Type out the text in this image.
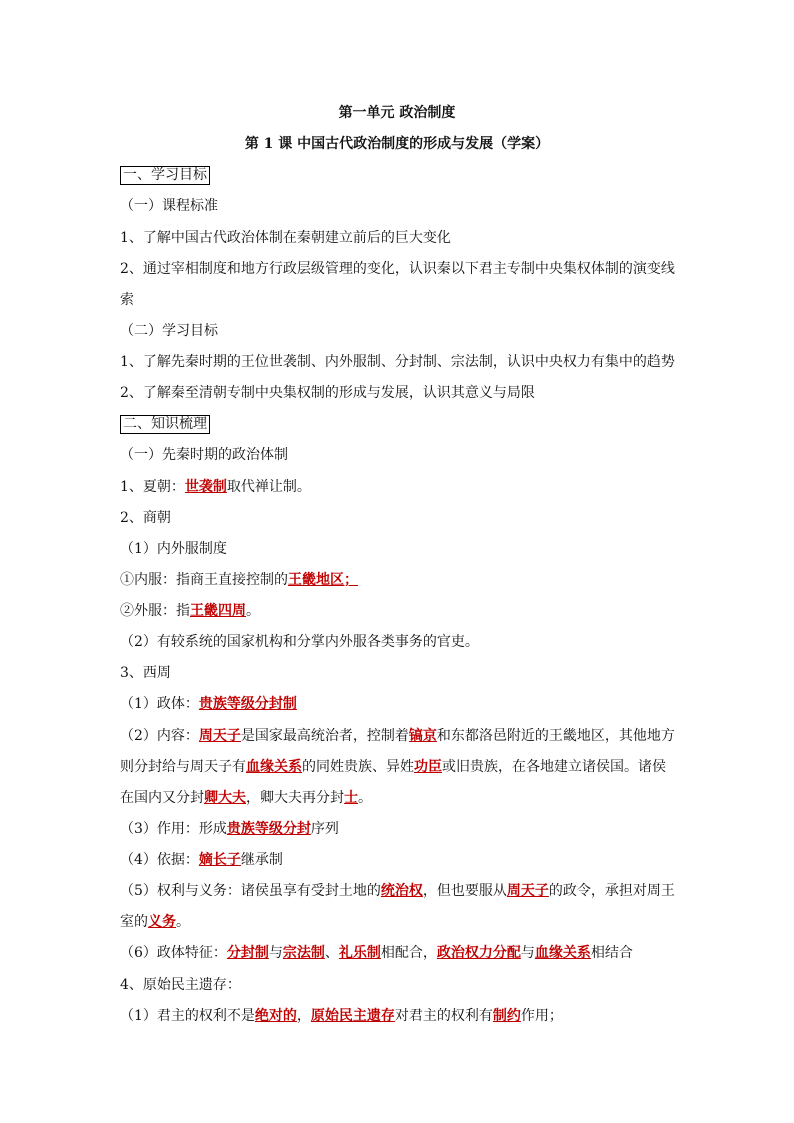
第一单元 政治制度
第 1 课 中国古代政治制度的形成与发展（学案）
一、学习目标
（一）课程标准
1、了解中国古代政治体制在秦朝建立前后的巨大变化
2、通过宰相制度和地方行政层级管理的变化，认识秦以下君主专制中央集权体制的演变线
索
（二）学习目标
1、了解先秦时期的王位世袭制、内外服制、分封制、宗法制，认识中央权力有集中的趋势
2、了解秦至清朝专制中央集权制的形成与发展，认识其意义与局限
二、知识梳理
（一）先秦时期的政治体制
1、夏朝：世袭制取代禅让制。
2、商朝
（1）内外服制度
①内服：指商王直接控制的王畿地区；
②外服：指王畿四周。
（2）有较系统的国家机构和分掌内外服各类事务的官吏。
3、西周
（1）政体：贵族等级分封制
（2）内容：周天子是国家最高统治者，控制着镐京和东都洛邑附近的王畿地区，其他地方
则分封给与周天子有血缘关系的同姓贵族、异姓功臣或旧贵族，在各地建立诸侯国。诸侯
在国内又分封卿大夫，卿大夫再分封士。
（3）作用：形成贵族等级分封序列
（4）依据：嫡长子继承制
（5）权利与义务：诸侯虽享有受封土地的统治权，但也要服从周天子的政令，承担对周王
室的义务。
（6）政体特征：分封制与宗法制、礼乐制相配合，政治权力分配与血缘关系相结合
4、原始民主遗存：
（1）君主的权利不是绝对的，原始民主遗存对君主的权利有制约作用；
